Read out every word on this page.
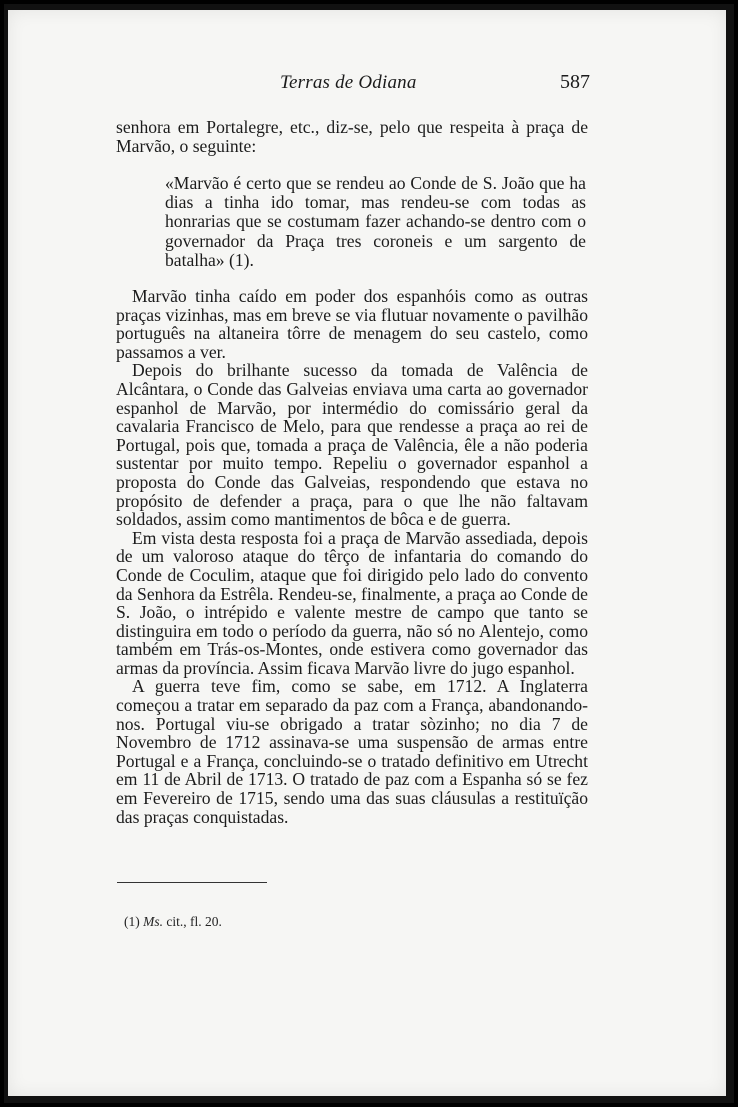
Terras de Odiana	587

senhora em Portalegre, etc., diz-se, pelo que respeita à praça de Marvão, o seguinte:

«Marvão é certo que se rendeu ao Conde de S. João que ha dias a tinha ido tomar, mas rendeu-se com todas as honrarias que se costumam fazer achando-se dentro com o governador da Praça tres coroneis e um sargento de batalha» (1).

Marvão tinha caído em poder dos espanhóis como as outras praças vizinhas, mas em breve se via flutuar novamente o pavilhão português na altaneira tôrre de menagem do seu castelo, como passamos a ver.

Depois do brilhante sucesso da tomada de Valência de Alcântara, o Conde das Galveias enviava uma carta ao governador espanhol de Marvão, por intermédio do comissário geral da cavalaria Francisco de Melo, para que rendesse a praça ao rei de Portugal, pois que, tomada a praça de Valência, êle a não poderia sustentar por muito tempo. Repeliu o governador espanhol a proposta do Conde das Galveias, respondendo que estava no propósito de defender a praça, para o que lhe não faltavam soldados, assim como mantimentos de bôca e de guerra.

Em vista desta resposta foi a praça de Marvão assediada, depois de um valoroso ataque do têrço de infantaria do comando do Conde de Coculim, ataque que foi dirigido pelo lado do convento da Senhora da Estrêla. Rendeu-se, finalmente, a praça ao Conde de S. João, o intrépido e valente mestre de campo que tanto se distinguira em todo o período da guerra, não só no Alentejo, como também em Trás-os-Montes, onde estivera como governador das armas da província. Assim ficava Marvão livre do jugo espanhol.

A guerra teve fim, como se sabe, em 1712. A Inglaterra começou a tratar em separado da paz com a França, abandonando-nos. Portugal viu-se obrigado a tratar sòzinho; no dia 7 de Novembro de 1712 assinava-se uma suspensão de armas entre Portugal e a França, concluindo-se o tratado definitivo em Utrecht em 11 de Abril de 1713. O tratado de paz com a Espanha só se fez em Fevereiro de 1715, sendo uma das suas cláusulas a restituïção das praças conquistadas.

(1) Ms. cit., fl. 20.
